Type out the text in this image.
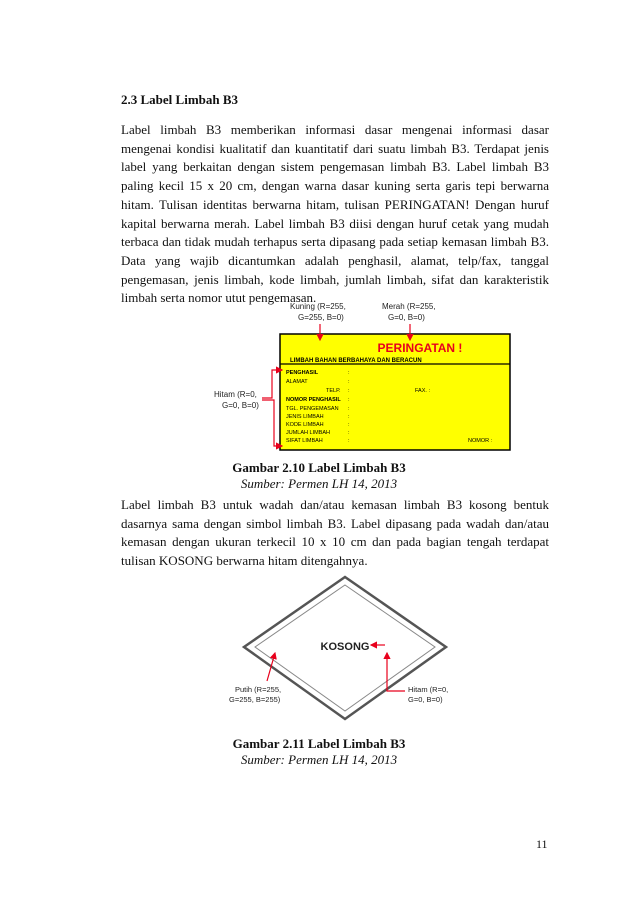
2.3 Label Limbah B3
Label limbah B3 memberikan informasi dasar mengenai informasi dasar mengenai kondisi kualitatif dan kuantitatif dari suatu limbah B3. Terdapat jenis label yang berkaitan dengan sistem pengemasan limbah B3. Label limbah B3 paling kecil 15 x 20 cm, dengan warna dasar kuning serta garis tepi berwarna hitam. Tulisan identitas berwarna hitam, tulisan PERINGATAN! Dengan huruf kapital berwarna merah. Label limbah B3 diisi dengan huruf cetak yang mudah terbaca dan tidak mudah terhapus serta dipasang pada setiap kemasan limbah B3. Data yang wajib dicantumkan adalah penghasil, alamat, telp/fax, tanggal pengemasan, jenis limbah, kode limbah, jumlah limbah, sifat dan karakteristik limbah serta nomor utut pengemasan.
PERINGATAN !
LIMBAH BAHAN BERBAHAYA DAN BERACUN
PENGHASIL
ALAMAT
TELP.	FAX. :
NOMOR PENGHASIL
TGL. PENGEMASAN
JENIS LIMBAH
KODE LIMBAH
JUMLAH LIMBAH
SIFAT LIMBAH	NOMOR :
:
:
:
:
:
:
:
:
:
Kuning (R=255,
G=255, B=0)
Merah (R=255,
G=0, B=0)
Hitam (R=0,
G=0, B=0)
Gambar 2.10 Label Limbah B3
Sumber: Permen LH 14, 2013
Label limbah B3 untuk wadah dan/atau kemasan limbah B3 kosong bentuk dasarnya sama dengan simbol limbah B3. Label dipasang pada wadah dan/atau kemasan dengan ukuran terkecil 10 x 10 cm dan pada bagian tengah terdapat tulisan KOSONG berwarna hitam ditengahnya.
KOSONG
Putih (R=255,
G=255, B=255)
Hitam (R=0,
G=0, B=0)
Gambar 2.11 Label Limbah B3
Sumber: Permen LH 14, 2013
11
